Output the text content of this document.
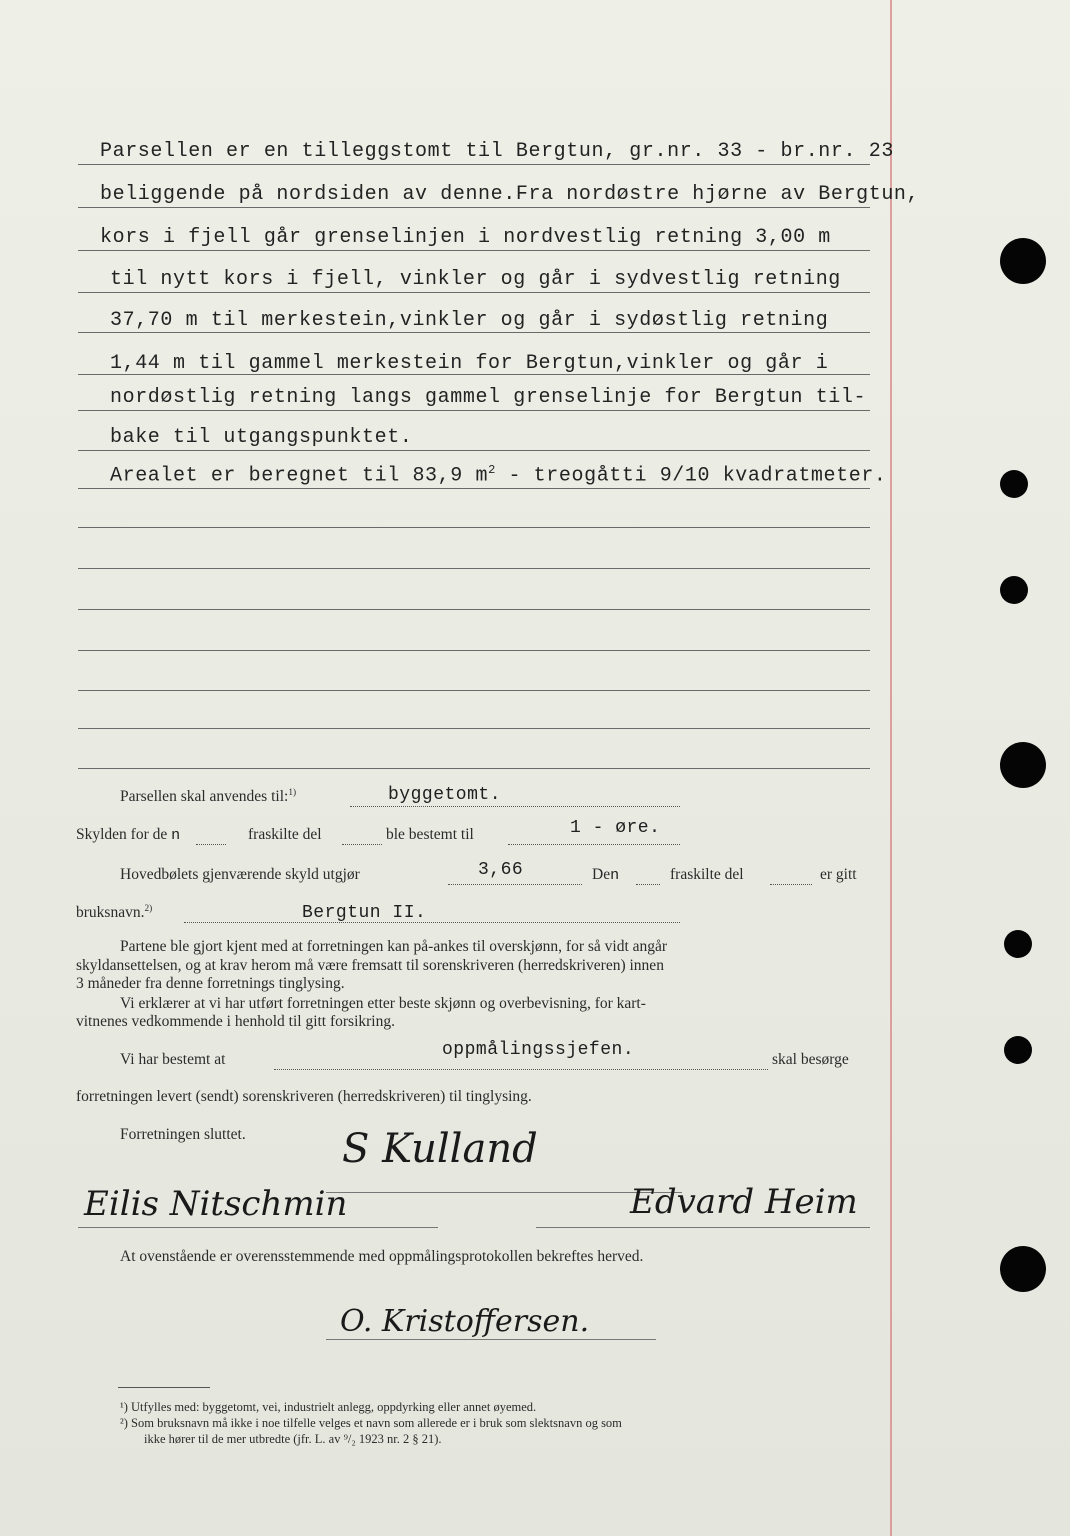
Parsellen er en tilleggstomt til Bergtun, gr.nr. 33 - br.nr. 23
beliggende på nordsiden av denne.Fra nordøstre hjørne av Bergtun,
kors i fjell går grenselinjen i nordvestlig retning 3,00 m
til nytt kors i fjell, vinkler og går i sydvestlig retning
37,70 m til merkestein,vinkler og går i sydøstlig retning
1,44 m til gammel merkestein for Bergtun,vinkler og går i
nordøstlig retning langs gammel grenselinje for Bergtun til-
bake til utgangspunktet.
Arealet er beregnet til 83,9 $m^2$ - treogåtti 9/10 kvadratmeter.
Parsellen skal anvendes til:$^{1)}$	byggetomt.
Skylden for de n	fraskilte del	ble bestemt til	1 - øre.
Hovedbølets gjenværende skyld utgjør	3,66	Den	fraskilte del	er gitt
bruksnavn.$^{2)}$	Bergtun II.
Partene ble gjort kjent med at forretningen kan på-ankes til overskjønn, for så vidt angår
skyldansettelsen, og at krav herom må være fremsatt til sorenskriveren (herredskriveren) innen
3 måneder fra denne forretnings tinglysing.
Vi erklærer at vi har utført forretningen etter beste skjønn og overbevisning, for kart-
vitnenes vedkommende i henhold til gitt forsikring.
Vi har bestemt at	oppmålingssjefen.	skal besørge
forretningen levert (sendt) sorenskriveren (herredskriveren) til tinglysing.
Forretningen sluttet. S Kulland
Eilis Nitschmin	Edvard Heim
At ovenstående er overensstemmende med oppmålingsprotokollen bekreftes herved.
O. Kristoffersen.
¹) Utfylles med: byggetomt, vei, industrielt anlegg, oppdyrking eller annet øyemed.
²) Som bruksnavn må ikke i noe tilfelle velges et navn som allerede er i bruk som slektsnavn og som
ikke hører til de mer utbredte (jfr. L. av ⁹/₂ 1923 nr. 2 § 21).
